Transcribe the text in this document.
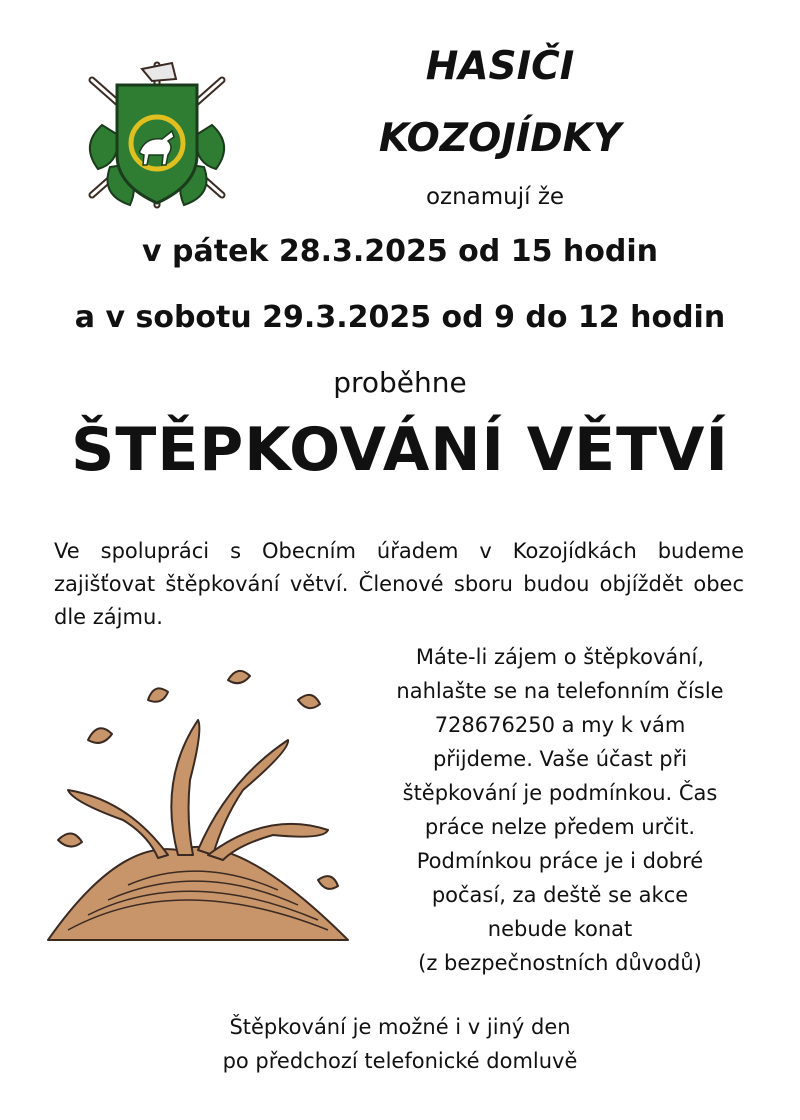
HASIČI
KOZOJÍDKY
oznamují že
v pátek 28.3.2025 od 15 hodin
a v sobotu 29.3.2025 od 9 do 12 hodin
proběhne
ŠTĚPKOVÁNÍ VĚTVÍ
Ve spolupráci s Obecním úřadem v Kozojídkách budeme zajišťovat štěpkování větví. Členové sboru budou objíždět obec dle zájmu.
Máte-li zájem o štěpkování,
nahlašte se na telefonním čísle
728676250 a my k vám
přijdeme. Vaše účast při
štěpkování je podmínkou. Čas
práce nelze předem určit.
Podmínkou práce je i dobré
počasí, za deště se akce
nebude konat
(z bezpečnostních důvodů)
Štěpkování je možné i v jiný den
po předchozí telefonické domluvě
